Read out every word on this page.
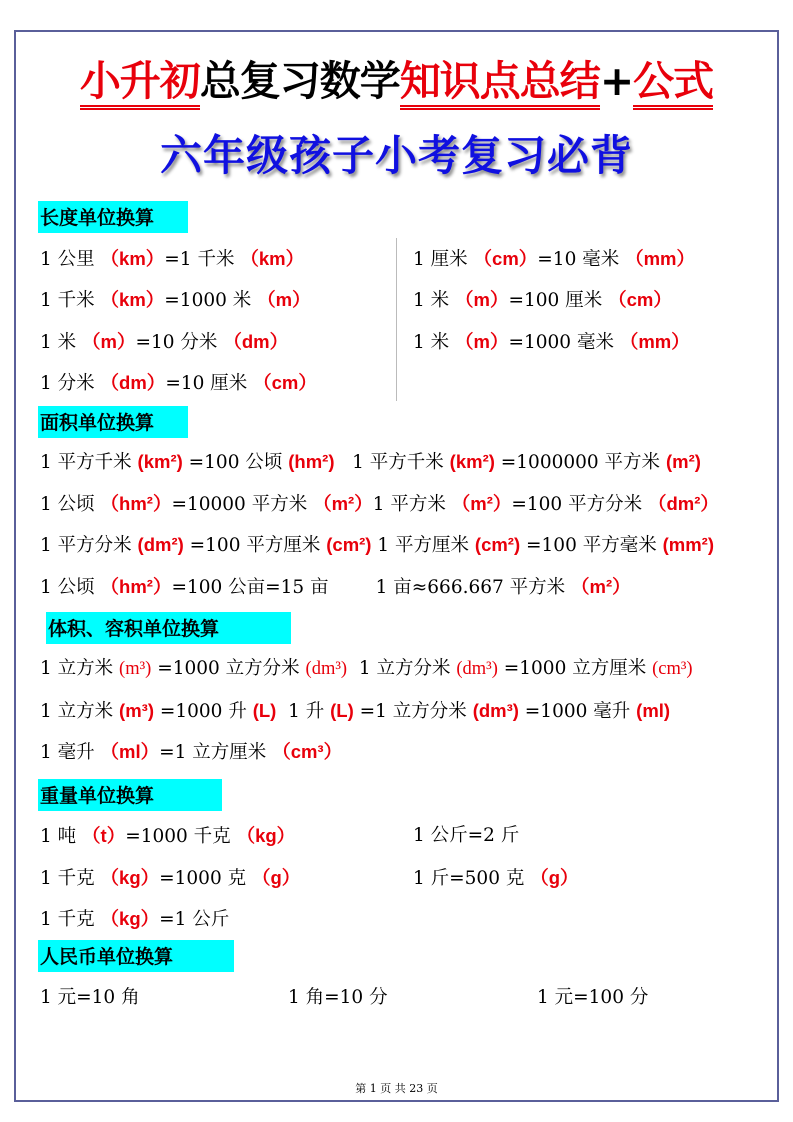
小升初总复习数学知识点总结+公式
六年级孩子小考复习必背
长度单位换算
1 公里 （km）=1 千米 （km）	1 厘米 （cm）=10 毫米 （mm）
1 千米 （km）=1000 米 （m）	1 米 （m）=100 厘米 （cm）
1 米 （m）=10 分米 （dm）	1 米 （m）=1000 毫米 （mm）
1 分米 （dm）=10 厘米 （cm）
面积单位换算
1 平方千米 (km²) =100 公顷 (hm²)   1 平方千米 (km²) =1000000 平方米 (m²)
1 公顷 （hm²）=10000 平方米 （m²）1 平方米 （m²）=100 平方分米 （dm²）
1 平方分米 (dm²) =100 平方厘米 (cm²) 1 平方厘米 (cm²) =100 平方毫米 (mm²)
1 公顷 （hm²）=100 公亩=15 亩        1 亩≈666.667 平方米 （m²）
体积、容积单位换算
1 立方米 (m³) =1000 立方分米 (dm³)  1 立方分米 (dm³) =1000 立方厘米 (cm³)
1 立方米 (m³) =1000 升 (L)  1 升 (L) =1 立方分米 (dm³) =1000 毫升 (ml)
1 毫升 （ml）=1 立方厘米 （cm³）
重量单位换算
1 吨 （t）=1000 千克 （kg）	1 公斤=2 斤
1 千克 （kg）=1000 克 （g）	1 斤=500 克 （g）
1 千克 （kg）=1 公斤
人民币单位换算
1 元=10 角	1 角=10 分	1 元=100 分
第 1 页 共 23 页
